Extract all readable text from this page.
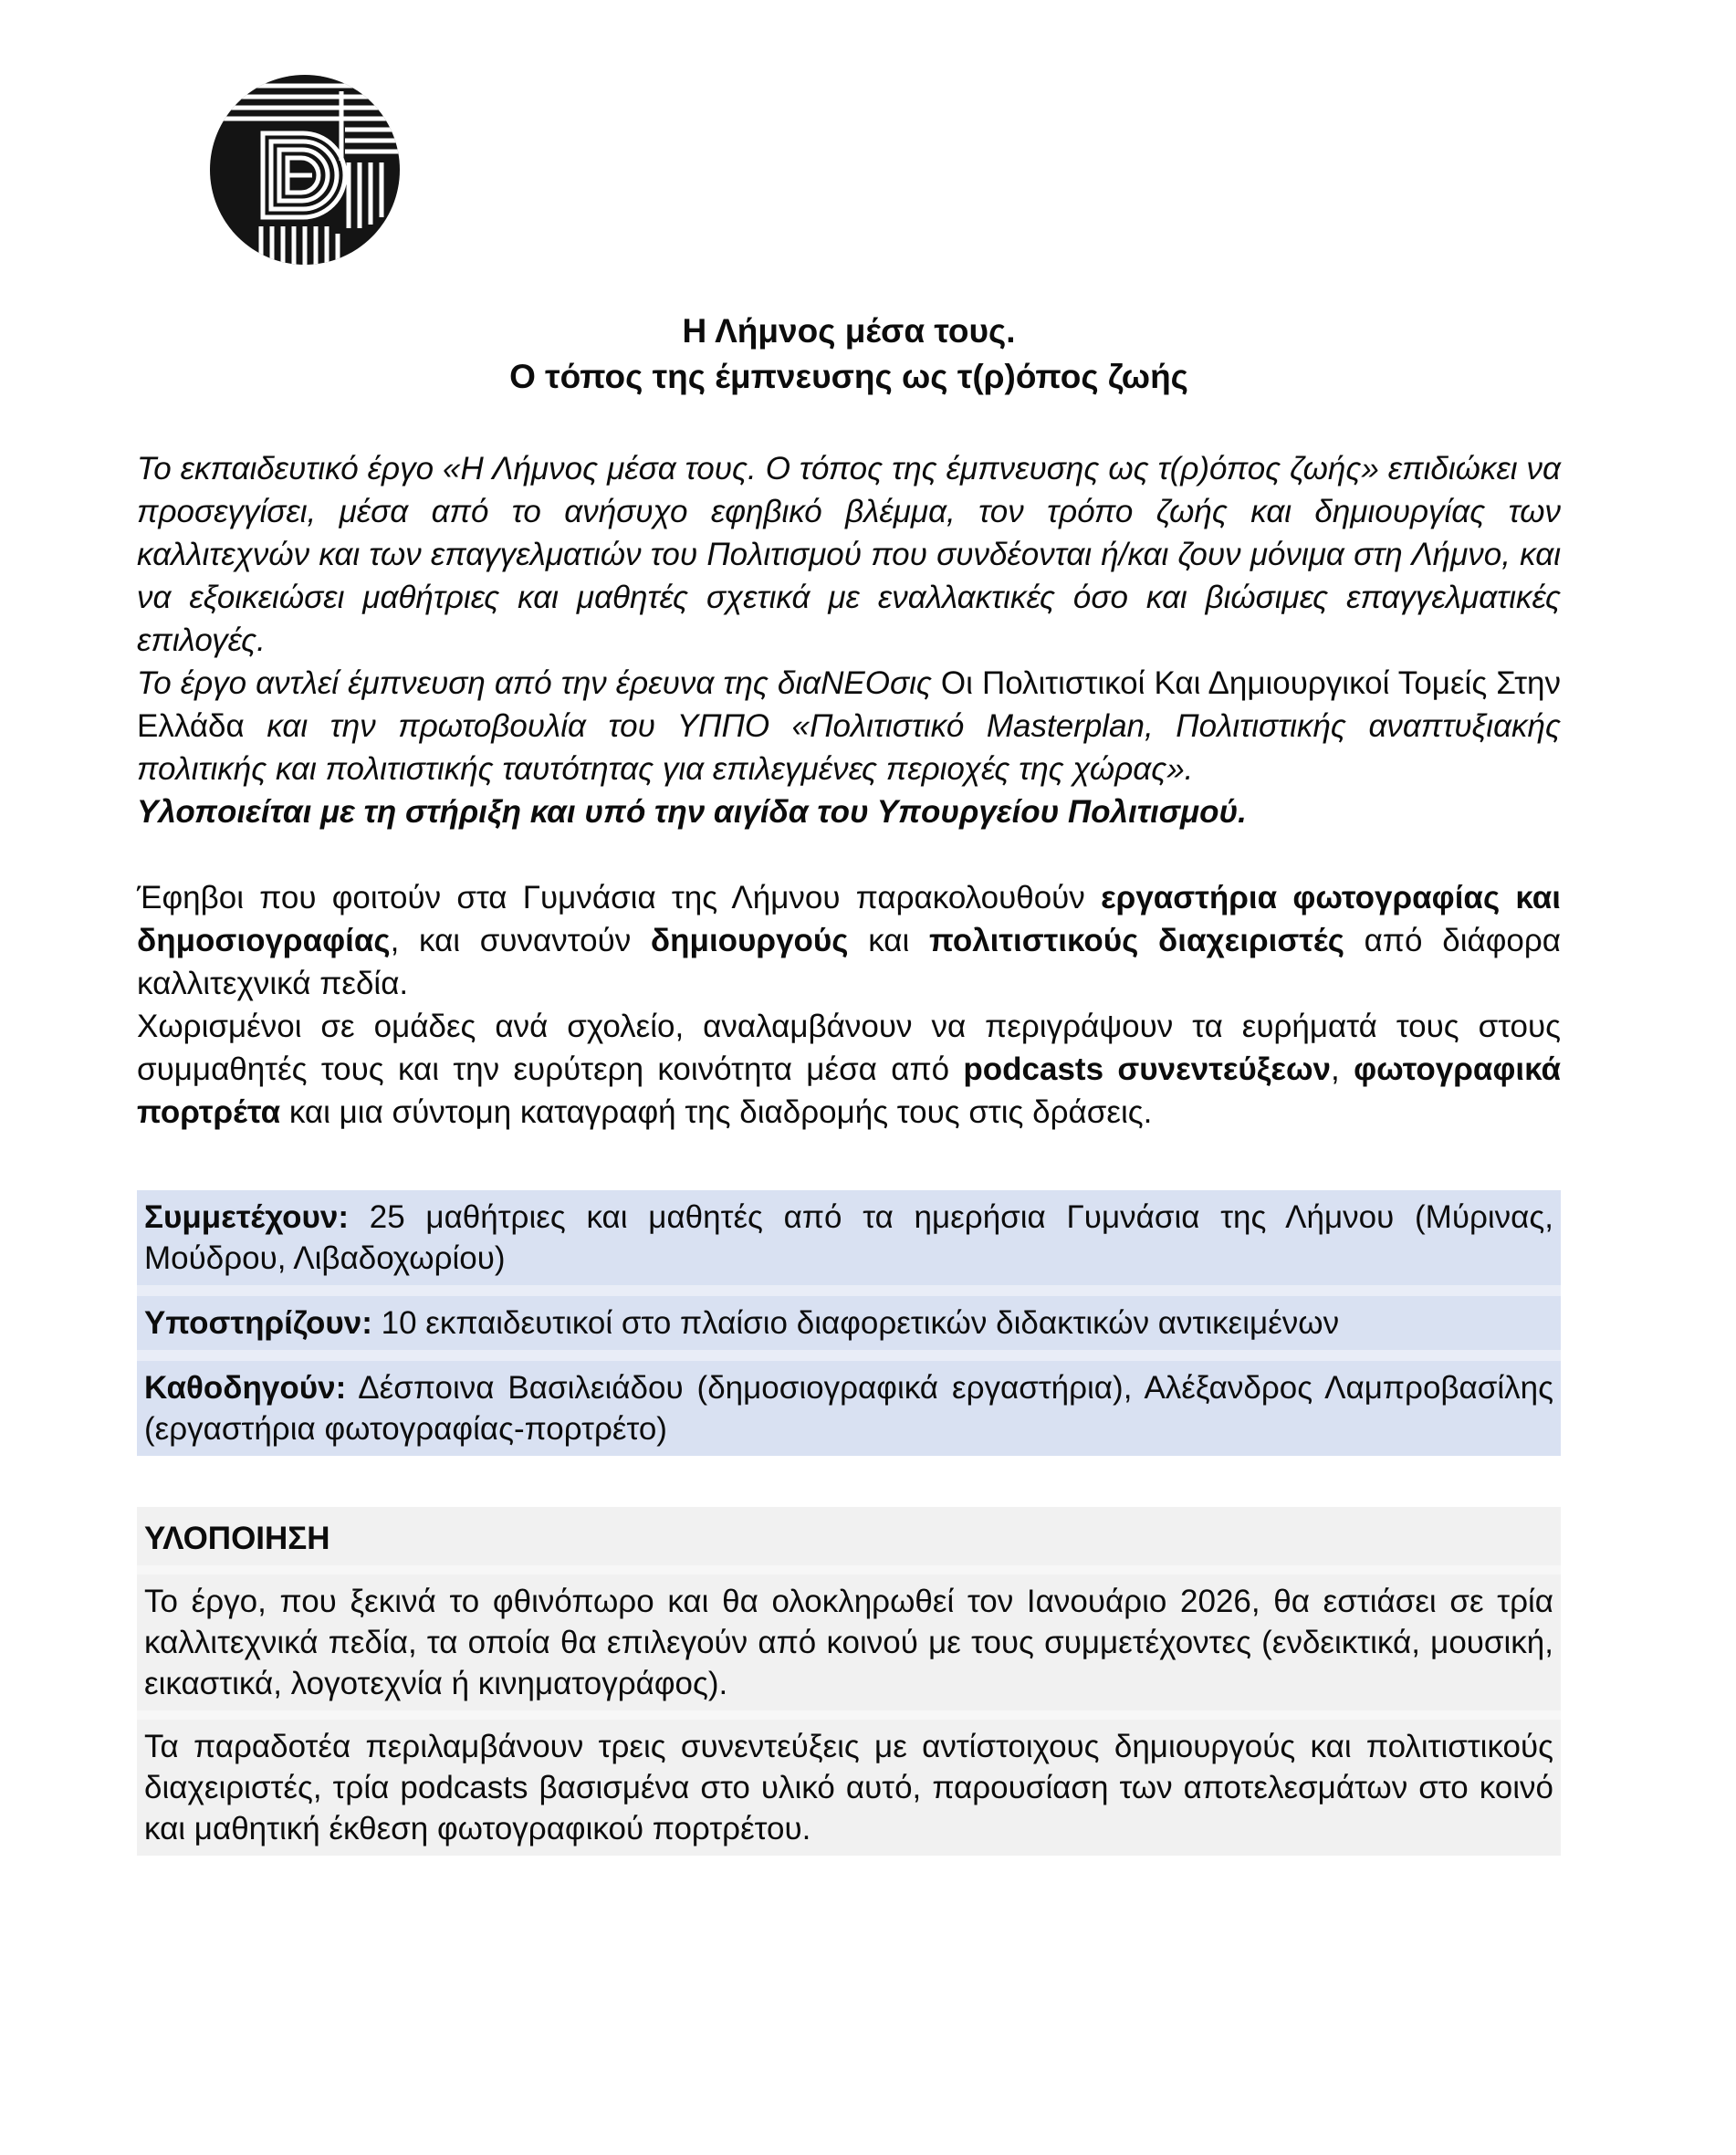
Η Λήμνος μέσα τους.
Ο τόπος της έμπνευσης ως τ(ρ)όπος ζωής

Το εκπαιδευτικό έργο «Η Λήμνος μέσα τους. Ο τόπος της έμπνευσης ως τ(ρ)όπος ζωής» επιδιώκει να προσεγγίσει, μέσα από το ανήσυχο εφηβικό βλέμμα, τον τρόπο ζωής και δημιουργίας των καλλιτεχνών και των επαγγελματιών του Πολιτισμού που συνδέονται ή/και ζουν μόνιμα στη Λήμνο, και να εξοικειώσει μαθήτριες και μαθητές σχετικά με εναλλακτικές όσο και βιώσιμες επαγγελματικές επιλογές.

Το έργο αντλεί έμπνευση από την έρευνα της διαΝΕΟσις Οι Πολιτιστικοί Και Δημιουργικοί Τομείς Στην Ελλάδα και την πρωτοβουλία του ΥΠΠΟ «Πολιτιστικό Masterplan, Πολιτιστικής αναπτυξιακής πολιτικής και πολιτιστικής ταυτότητας για επιλεγμένες περιοχές της χώρας».

Υλοποιείται με τη στήριξη και υπό την αιγίδα του Υπουργείου Πολιτισμού.

Έφηβοι που φοιτούν στα Γυμνάσια της Λήμνου παρακολουθούν εργαστήρια φωτογραφίας και δημοσιογραφίας, και συναντούν δημιουργούς και πολιτιστικούς διαχειριστές από διάφορα καλλιτεχνικά πεδία.

Χωρισμένοι σε ομάδες ανά σχολείο, αναλαμβάνουν να περιγράψουν τα ευρήματά τους στους συμμαθητές τους και την ευρύτερη κοινότητα μέσα από podcasts συνεντεύξεων, φωτογραφικά πορτρέτα και μια σύντομη καταγραφή της διαδρομής τους στις δράσεις.

Συμμετέχουν: 25 μαθήτριες και μαθητές από τα ημερήσια Γυμνάσια της Λήμνου (Μύρινας, Μούδρου, Λιβαδοχωρίου)

Υποστηρίζουν: 10 εκπαιδευτικοί στο πλαίσιο διαφορετικών διδακτικών αντικειμένων

Καθοδηγούν: Δέσποινα Βασιλειάδου (δημοσιογραφικά εργαστήρια), Αλέξανδρος Λαμπροβασίλης (εργαστήρια φωτογραφίας-πορτρέτο)

ΥΛΟΠΟΙΗΣΗ

Το έργο, που ξεκινά το φθινόπωρο και θα ολοκληρωθεί τον Ιανουάριο 2026, θα εστιάσει σε τρία καλλιτεχνικά πεδία, τα οποία θα επιλεγούν από κοινού με τους συμμετέχοντες (ενδεικτικά, μουσική, εικαστικά, λογοτεχνία ή κινηματογράφος).

Τα παραδοτέα περιλαμβάνουν τρεις συνεντεύξεις με αντίστοιχους δημιουργούς και πολιτιστικούς διαχειριστές, τρία podcasts βασισμένα στο υλικό αυτό, παρουσίαση των αποτελεσμάτων στο κοινό και μαθητική έκθεση φωτογραφικού πορτρέτου.
